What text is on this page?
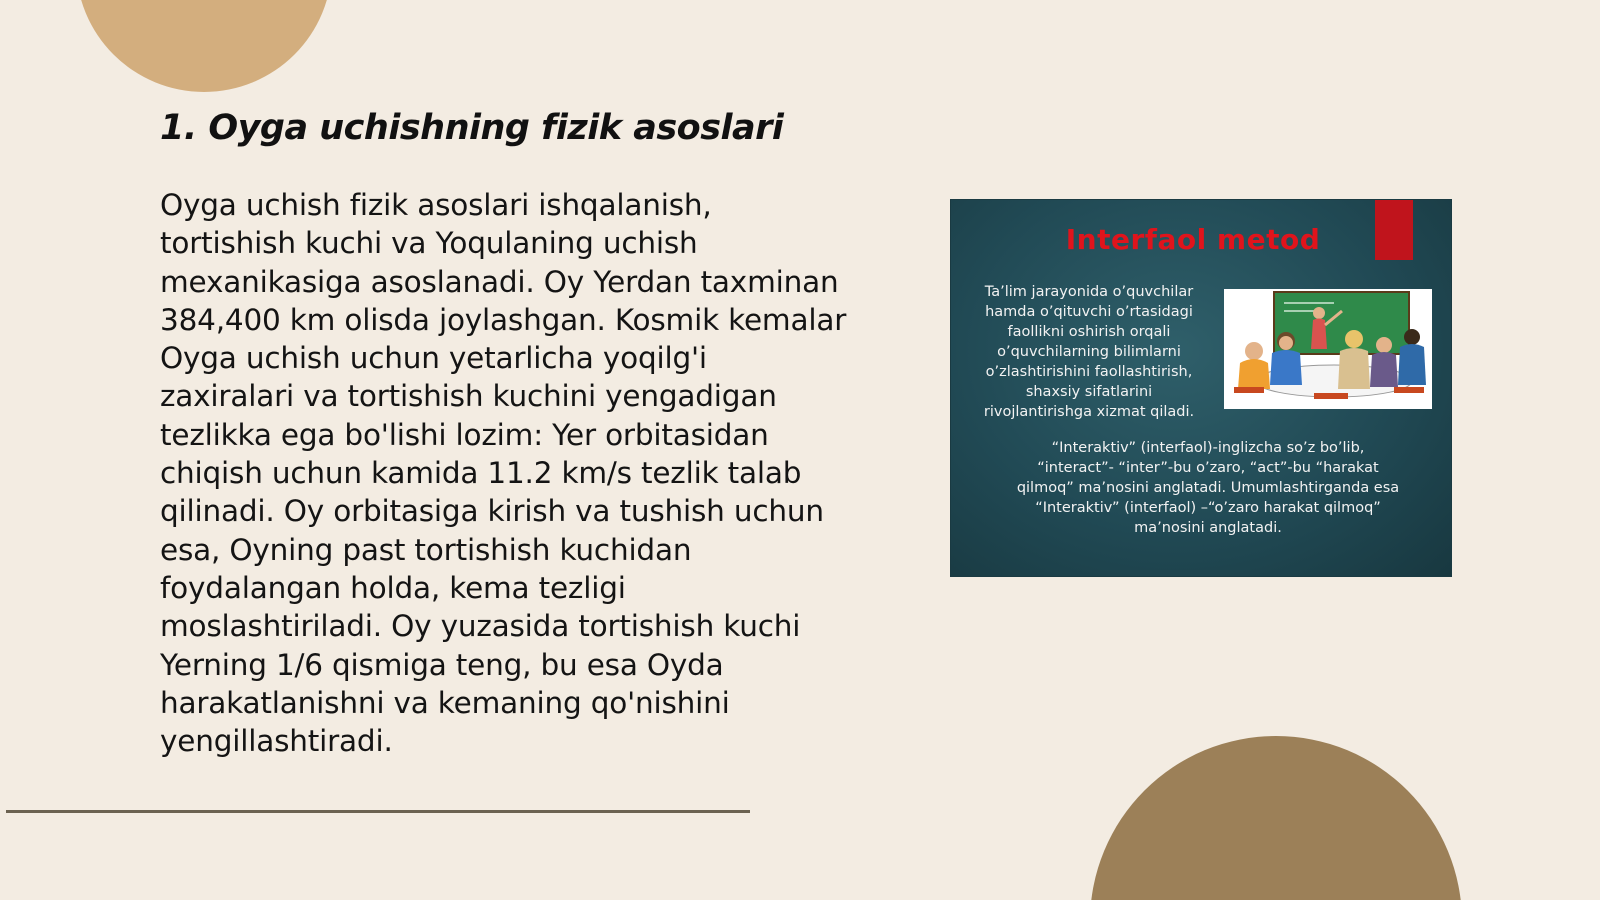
1. Oyga uchishning fizik asoslari

Oyga uchish fizik asoslari ishqalanish, tortishish kuchi va Yoqulaning uchish mexanikasiga asoslanadi. Oy Yerdan taxminan 384,400 km olisda joylashgan. Kosmik kemalar Oyga uchish uchun yetarlicha yoqilg'i zaxiralari va tortishish kuchini yengadigan tezlikka ega bo'lishi lozim: Yer orbitasidan chiqish uchun kamida 11.2 km/s tezlik talab qilinadi. Oy orbitasiga kirish va tushish uchun esa, Oyning past tortishish kuchidan foydalangan holda, kema tezligi moslashtiriladi. Oy yuzasida tortishish kuchi Yerning 1/6 qismiga teng, bu esa Oyda harakatlanishni va kemaning qo'nishini yengillashtiradi.

Interfaol metod
Ta’lim jarayonida o’quvchilar
hamda o’qituvchi o’rtasidagi
faollikni oshirish orqali
o’quvchilarning bilimlarni
o’zlashtirishini faollashtirish,
shaxsiy sifatlarini
rivojlantirishga xizmat qiladi.
“Interaktiv” (interfaol)-inglizcha so’z bo’lib,
“interact”- “inter”-bu o’zaro, “act”-bu “harakat
qilmoq” ma’nosini anglatadi. Umumlashtirganda esa
“Interaktiv” (interfaol) –“o’zaro harakat qilmoq”
ma’nosini anglatadi.
